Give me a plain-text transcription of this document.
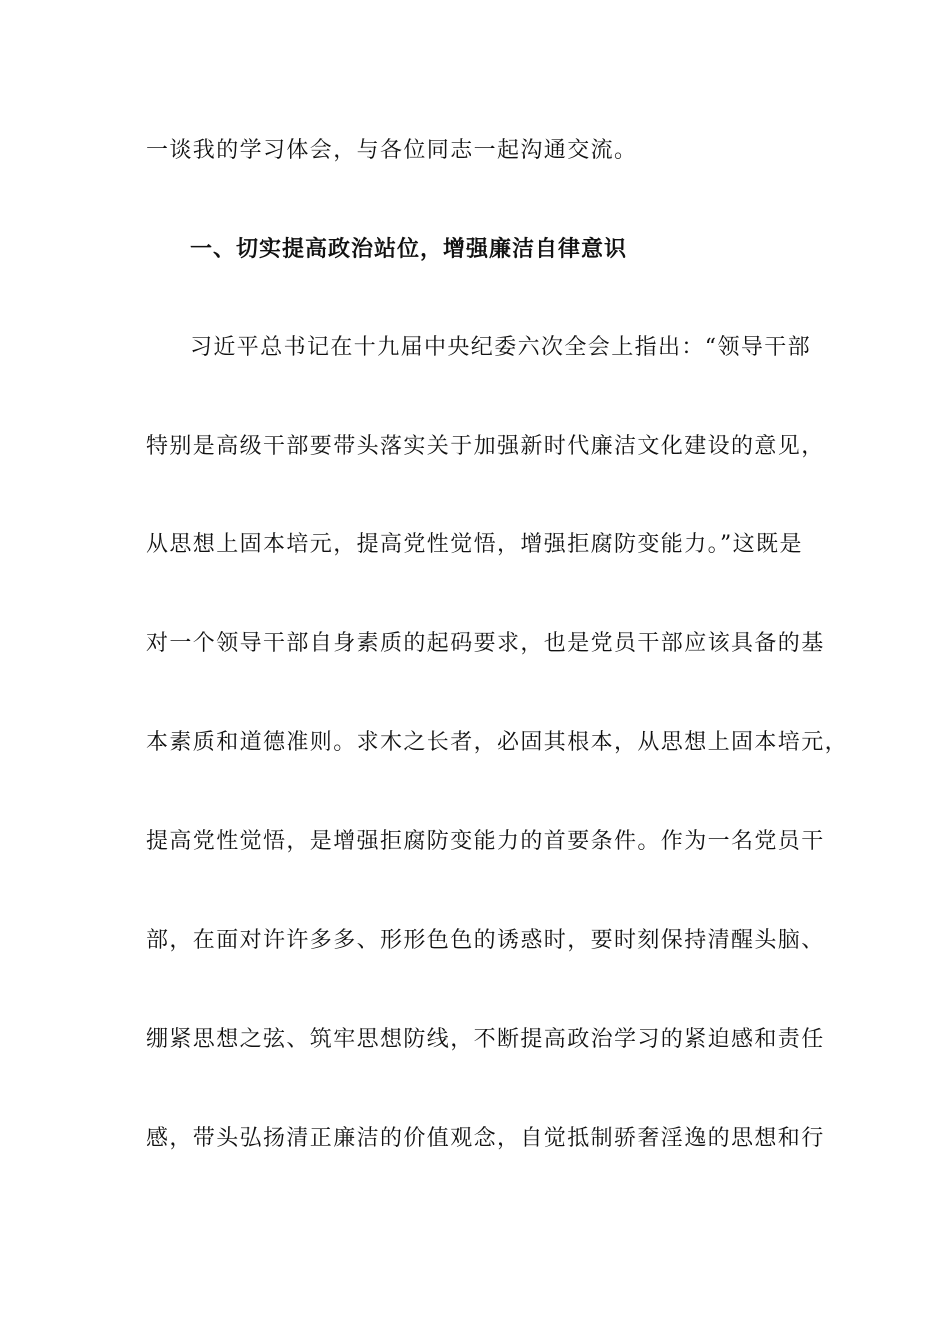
一谈我的学习体会，与各位同志一起沟通交流。
一、切实提高政治站位，增强廉洁自律意识
习近平总书记在十九届中央纪委六次全会上指出：“领导干部
特别是高级干部要带头落实关于加强新时代廉洁文化建设的意见，
从思想上固本培元，提高党性觉悟，增强拒腐防变能力。”这既是
对一个领导干部自身素质的起码要求，也是党员干部应该具备的基
本素质和道德准则。求木之长者，必固其根本，从思想上固本培元，
提高党性觉悟，是增强拒腐防变能力的首要条件。作为一名党员干
部，在面对许许多多、形形色色的诱惑时，要时刻保持清醒头脑、
绷紧思想之弦、筑牢思想防线，不断提高政治学习的紧迫感和责任
感，带头弘扬清正廉洁的价值观念，自觉抵制骄奢淫逸的思想和行
